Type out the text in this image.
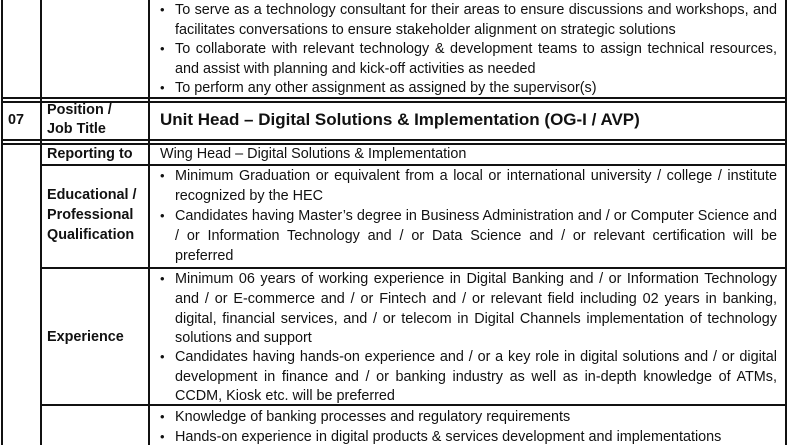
• To serve as a technology consultant for their areas to ensure discussions and workshops, and
facilitates conversations to ensure stakeholder alignment on strategic solutions
• To collaborate with relevant technology & development teams to assign technical resources,
and assist with planning and kick-off activities as needed
• To perform any other assignment as assigned by the supervisor(s)
07
Position /
Job Title	Unit Head – Digital Solutions & Implementation (OG-I / AVP)
Reporting to Wing Head – Digital Solutions & Implementation
Educational /
Professional
Qualification
• Minimum Graduation or equivalent from a local or international university / college / institute
recognized by the HEC
• Candidates having Master’s degree in Business Administration and / or Computer Science and
/ or Information Technology and / or Data Science and / or relevant certification will be
preferred
Experience
• Minimum 06 years of working experience in Digital Banking and / or Information Technology
and / or E-commerce and / or Fintech and / or relevant field including 02 years in banking,
digital, financial services, and / or telecom in Digital Channels implementation of technology
solutions and support
• Candidates having hands-on experience and / or a key role in digital solutions and / or digital
development in finance and / or banking industry as well as in-depth knowledge of ATMs,
CCDM, Kiosk etc. will be preferred
• Knowledge of banking processes and regulatory requirements
• Hands-on experience in digital products & services development and implementations
